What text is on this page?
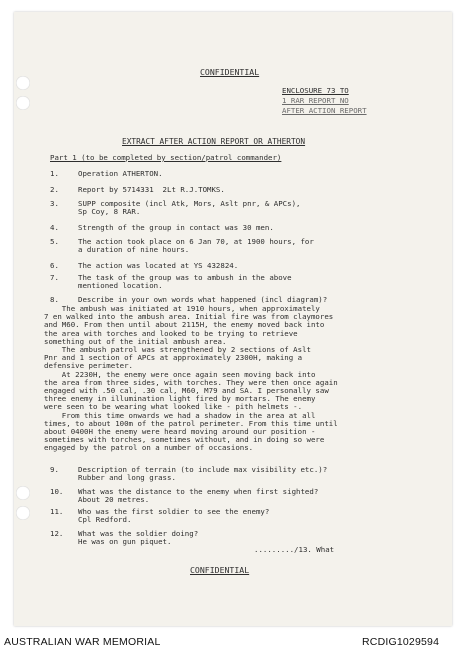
CONFIDENTIAL
ENCLOSURE 73 TO
1 RAR REPORT NO
AFTER ACTION REPORT
EXTRACT AFTER ACTION REPORT OR ATHERTON
Part 1 (to be completed by section/patrol commander)
1.	Operation ATHERTON.
2.	Report by 5714331  2Lt R.J.TOMKS.
3.	SUPP composite (incl Atk, Mors, Aslt pnr, & APCs),
Sp Coy, 8 RAR.
4.	Strength of the group in contact was 30 men.
5.	The action took place on 6 Jan 70, at 1900 hours, for
a duration of nine hours.
6.	The action was located at YS 432824.
7.	The task of the group was to ambush in the above
mentioned location.
8.	Describe in your own words what happened (incl diagram)?
The ambush was initiated at 1910 hours, when approximately
7 en walked into the ambush area. Initial fire was from claymores
and M60. From then until about 2115H, the enemy moved back into
the area with torches and looked to be trying to retrieve
something out of the initial ambush area.
The ambush patrol was strengthened by 2 sections of Aslt
Pnr and 1 section of APCs at approximately 2300H, making a
defensive perimeter.
At 2230H, the enemy were once again seen moving back into
the area from three sides, with torches. They were then once again
engaged with .50 cal, .30 cal, M60, M79 and SA. I personally saw
three enemy in illumination light fired by mortars. The enemy
were seen to be wearing what looked like - pith helmets -.
From this time onwards we had a shadow in the area at all
times, to about 100m of the patrol perimeter. From this time until
about 0400H the enemy were heard moving around our position -
sometimes with torches, sometimes without, and in doing so were
engaged by the patrol on a number of occasions.
9.	Description of terrain (to include max visibility etc.)?
Rubber and long grass.
10. What was the distance to the enemy when first sighted?
About 20 metres.
11. Who was the first soldier to see the enemy?
Cpl Redford.
12. What was the soldier doing?
He was on gun piquet.
........./13. What
CONFIDENTIAL
AUSTRALIAN WAR MEMORIAL	RCDIG1029594
